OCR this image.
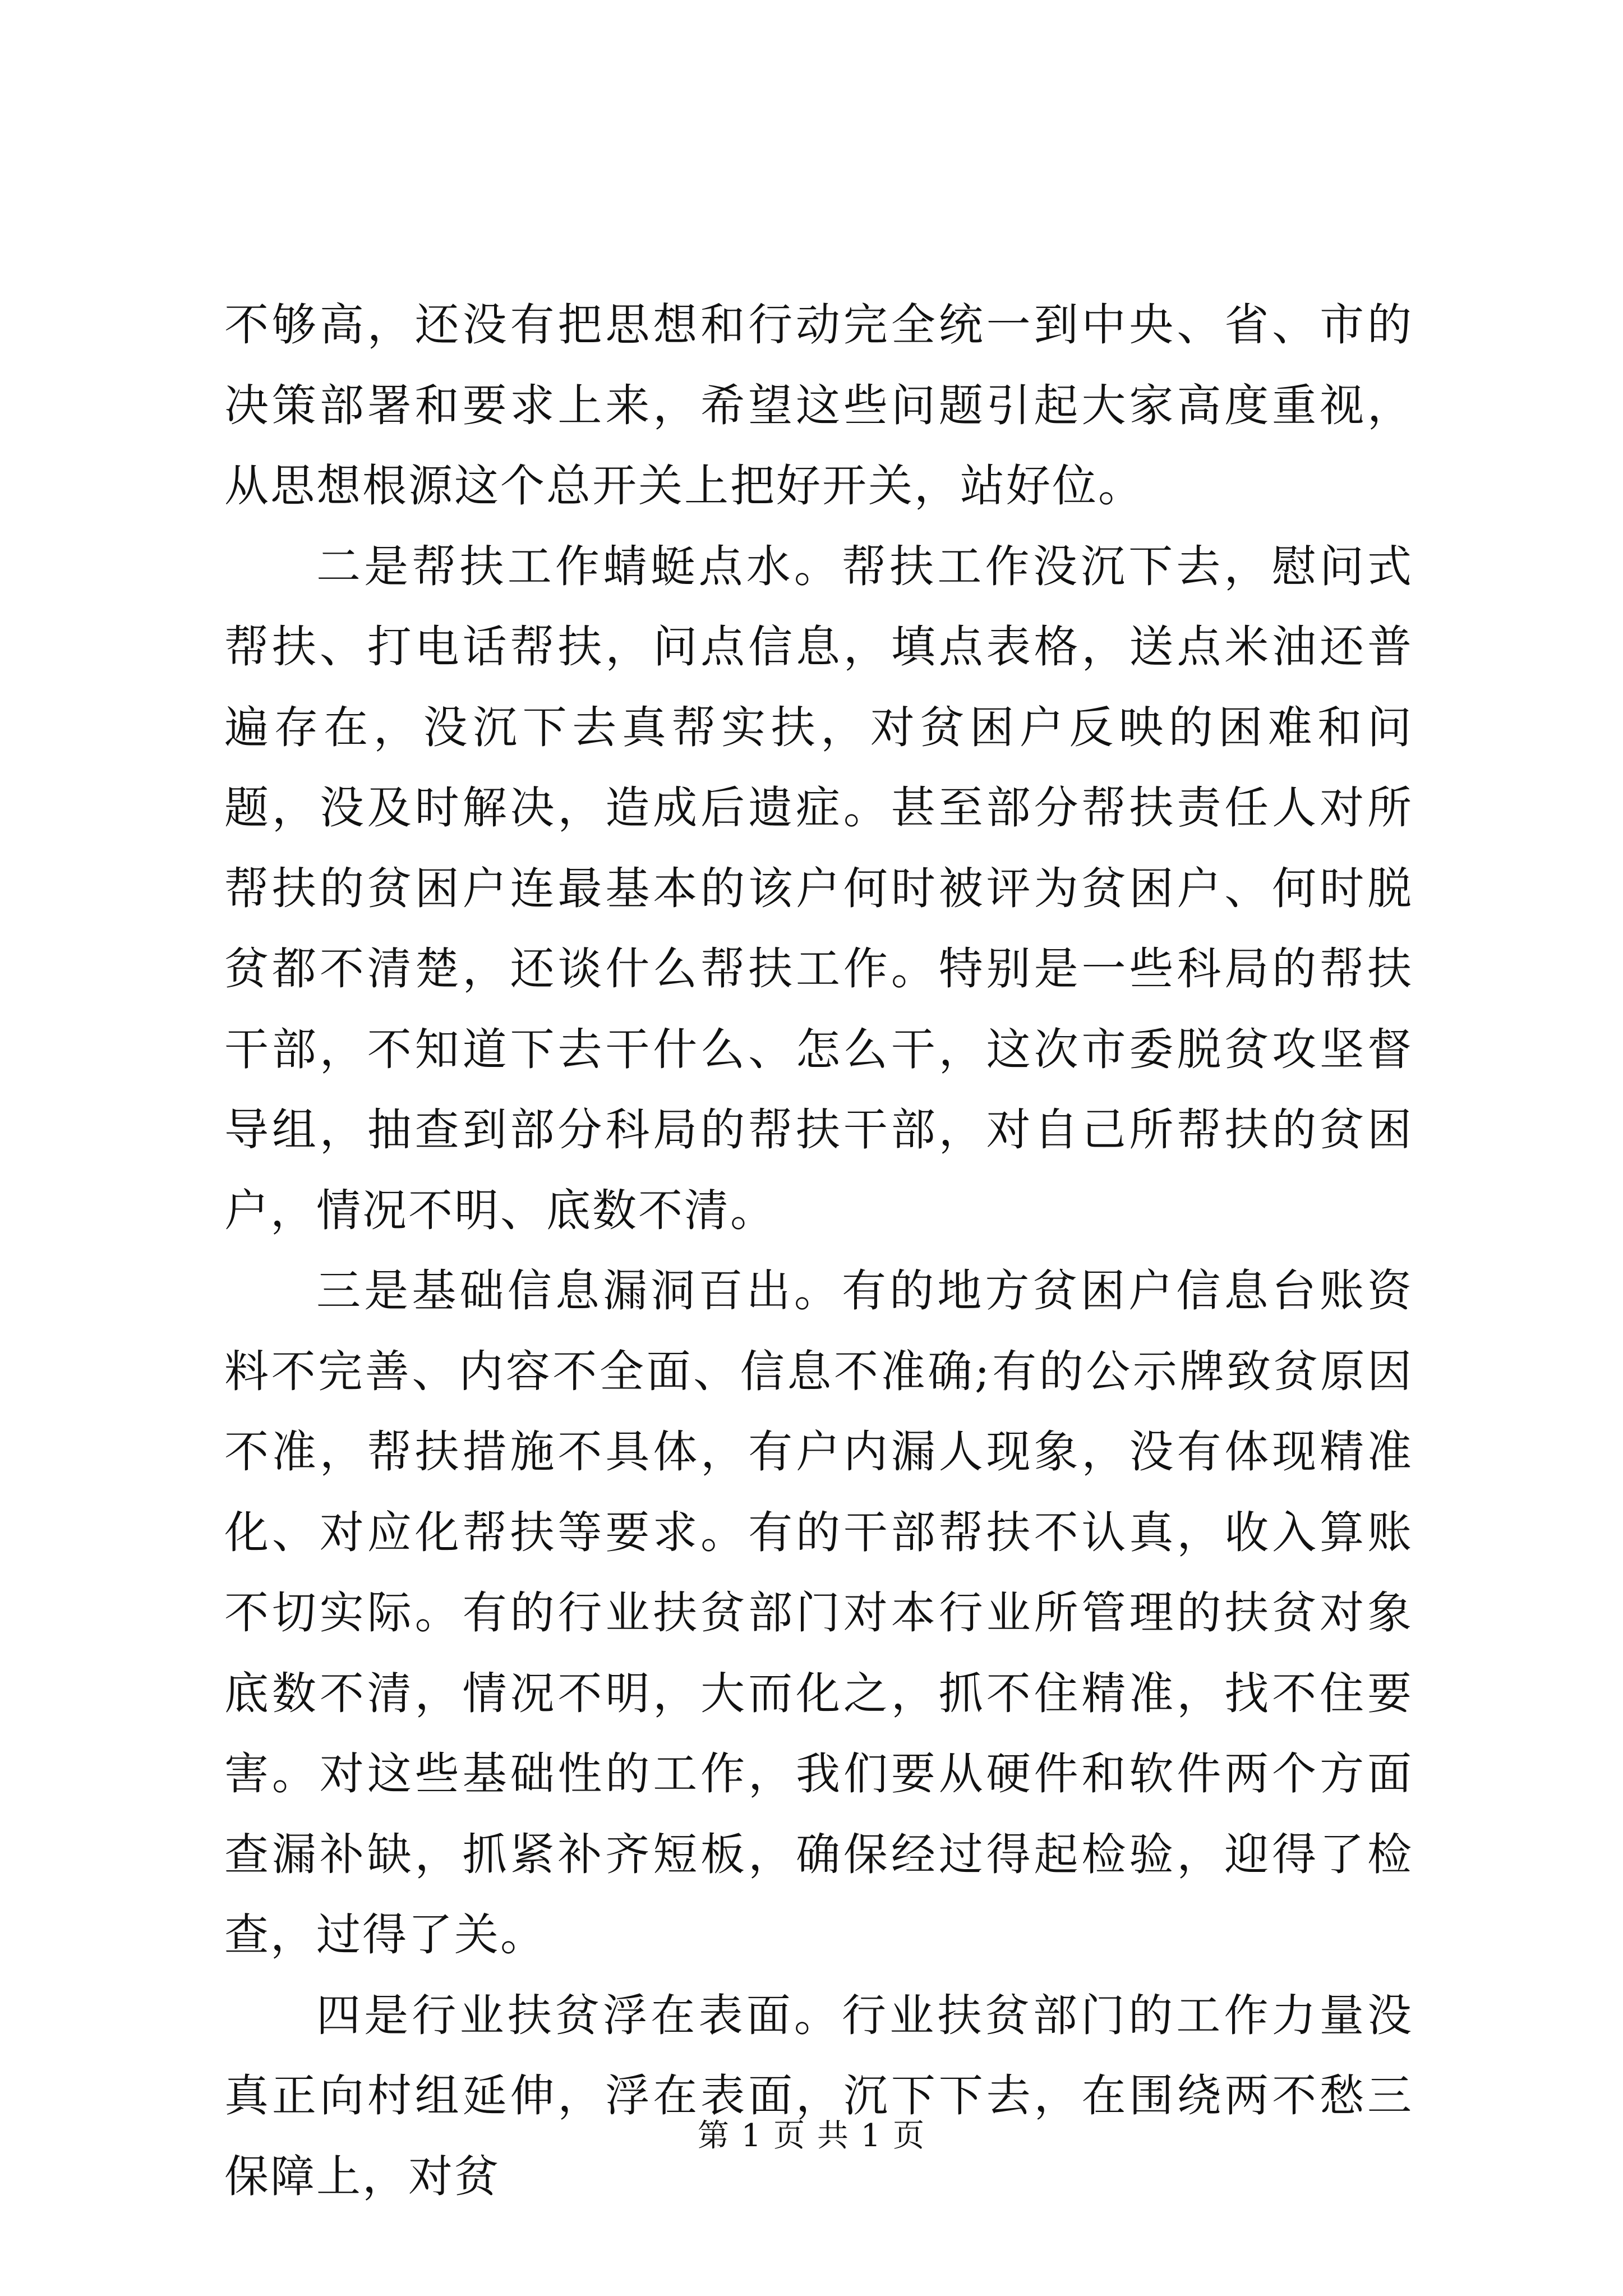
不够高，还没有把思想和行动完全统一到中央、省、市的决策部署和要求上来，希望这些问题引起大家高度重视，从思想根源这个总开关上把好开关，站好位。

二是帮扶工作蜻蜓点水。帮扶工作没沉下去，慰问式帮扶、打电话帮扶，问点信息，填点表格，送点米油还普遍存在，没沉下去真帮实扶，对贫困户反映的困难和问题，没及时解决，造成后遗症。甚至部分帮扶责任人对所帮扶的贫困户连最基本的该户何时被评为贫困户、何时脱贫都不清楚，还谈什么帮扶工作。特别是一些科局的帮扶干部，不知道下去干什么、怎么干，这次市委脱贫攻坚督导组，抽查到部分科局的帮扶干部，对自己所帮扶的贫困户，情况不明、底数不清。

三是基础信息漏洞百出。有的地方贫困户信息台账资料不完善、内容不全面、信息不准确;有的公示牌致贫原因不准，帮扶措施不具体，有户内漏人现象，没有体现精准化、对应化帮扶等要求。有的干部帮扶不认真，收入算账不切实际。有的行业扶贫部门对本行业所管理的扶贫对象底数不清，情况不明，大而化之，抓不住精准，找不住要害。对这些基础性的工作，我们要从硬件和软件两个方面查漏补缺，抓紧补齐短板，确保经过得起检验，迎得了检查，过得了关。

四是行业扶贫浮在表面。行业扶贫部门的工作力量没真正向村组延伸，浮在表面，沉下下去，在围绕两不愁三保障上，对贫

第 1 页 共 1 页
